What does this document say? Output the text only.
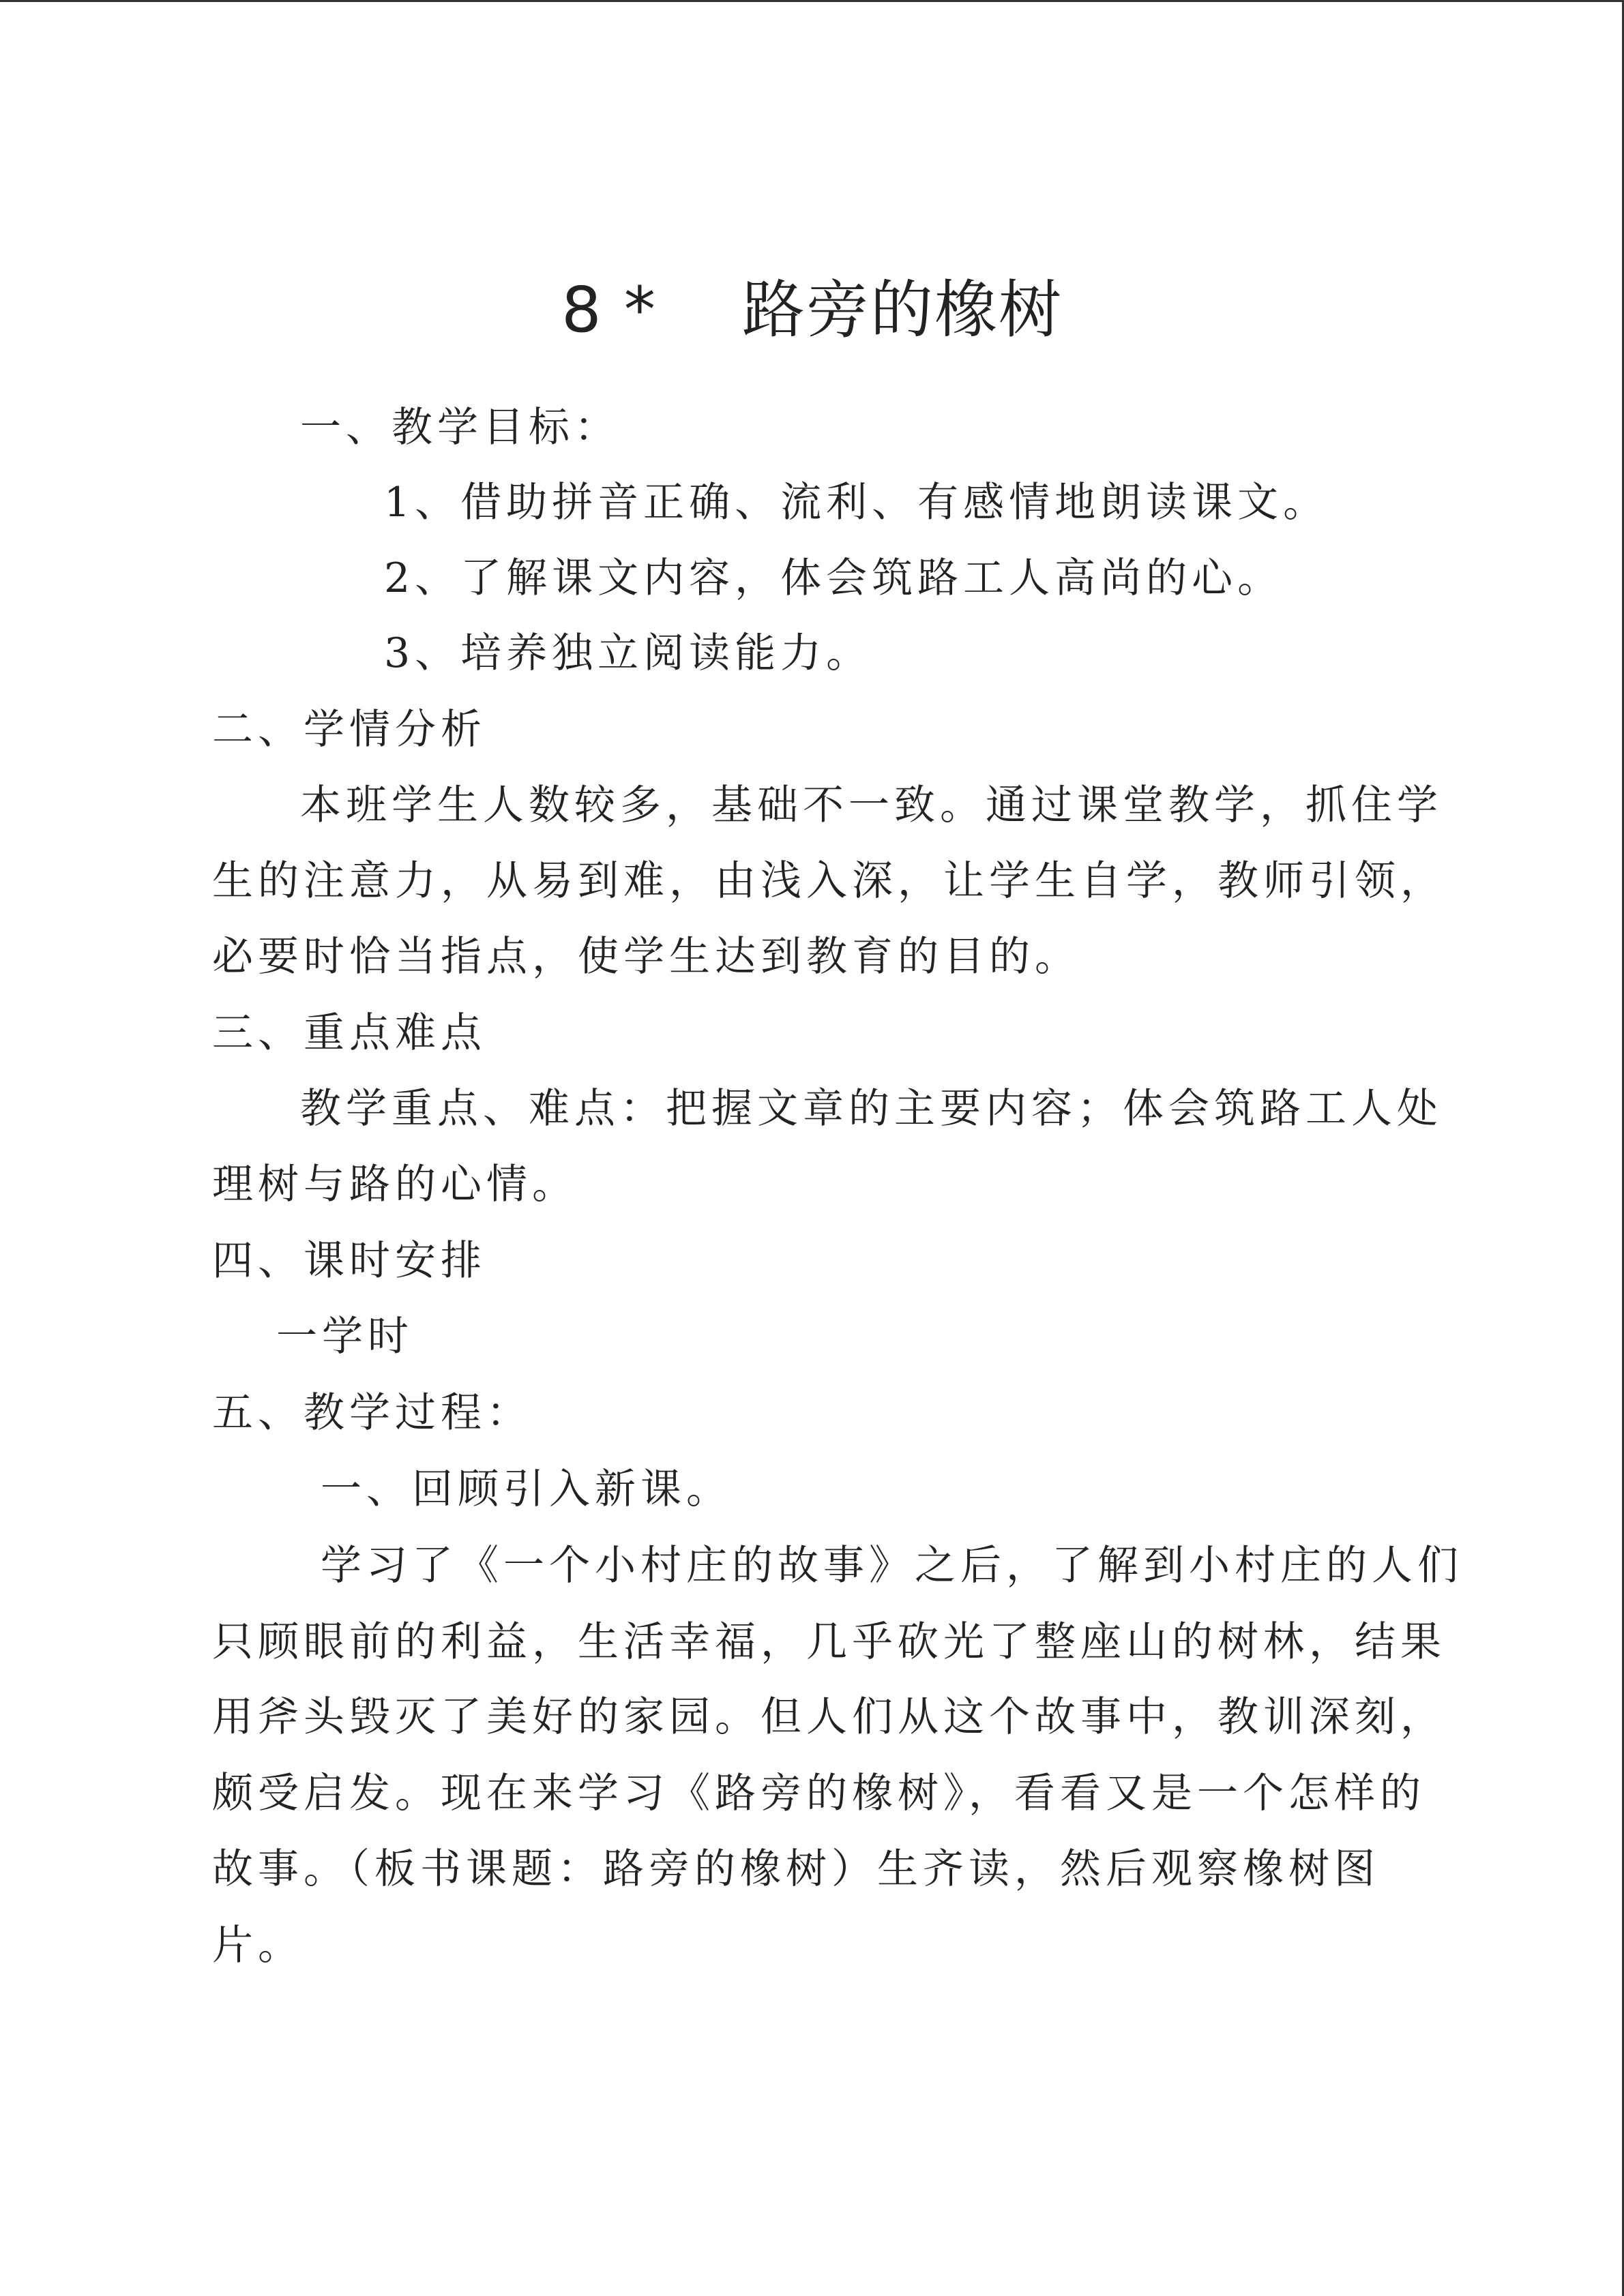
8 *    路旁的橡树
一、教学目标：
1、借助拼音正确、流利、有感情地朗读课文。
2、了解课文内容，体会筑路工人高尚的心。
3、培养独立阅读能力。
二、学情分析
本班学生人数较多，基础不一致。通过课堂教学，抓住学
生的注意力，从易到难，由浅入深，让学生自学，教师引领，
必要时恰当指点，使学生达到教育的目的。
三、重点难点
教学重点、难点：把握文章的主要内容；体会筑路工人处
理树与路的心情。
四、课时安排
一学时
五、教学过程：
一、回顾引入新课。
学习了《一个小村庄的故事》之后，了解到小村庄的人们
只顾眼前的利益，生活幸福，几乎砍光了整座山的树林，结果
用斧头毁灭了美好的家园。但人们从这个故事中，教训深刻，
颇受启发。现在来学习《路旁的橡树》，看看又是一个怎样的
故事。（板书课题：路旁的橡树）生齐读，然后观察橡树图
片。
